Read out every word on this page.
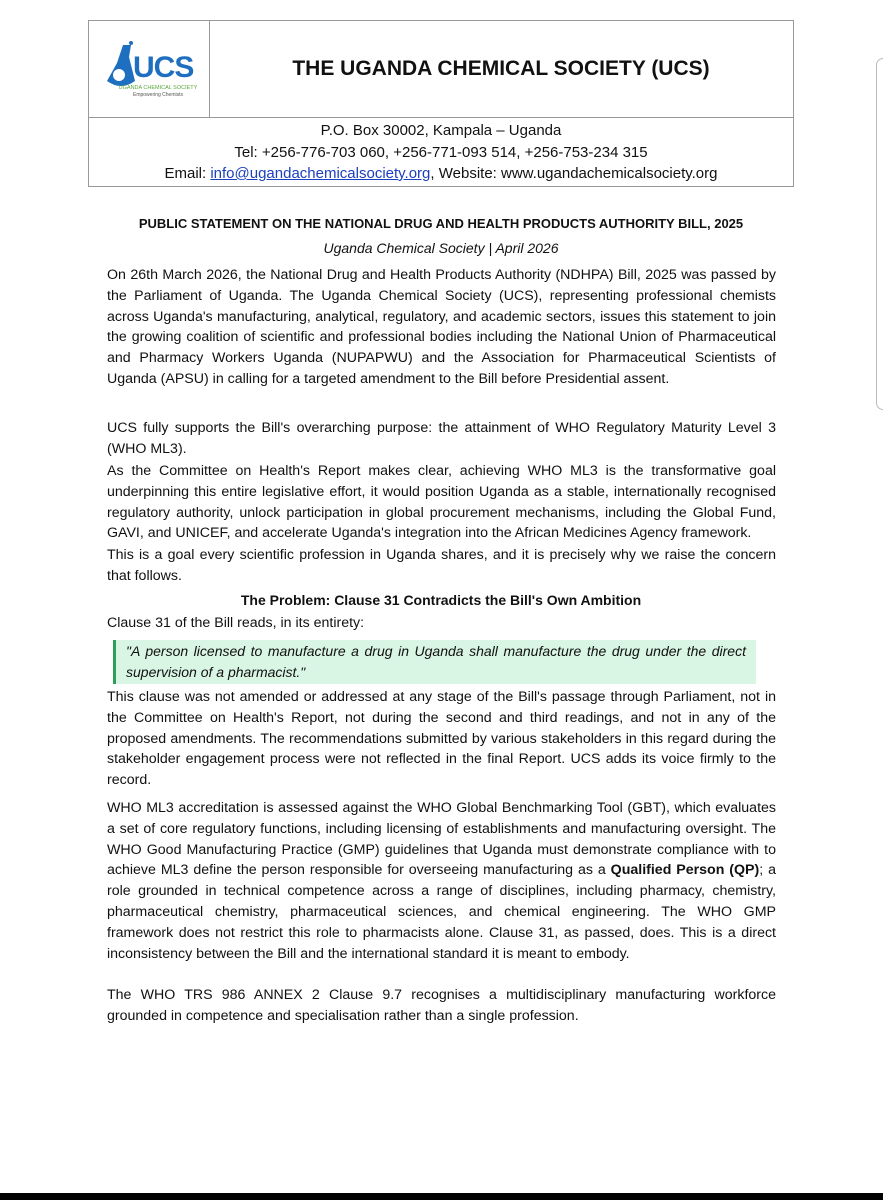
UCS
UGANDA CHEMICAL SOCIETY
Empowering Chemists
THE UGANDA CHEMICAL SOCIETY (UCS)
P.O. Box 30002, Kampala – Uganda
Tel: +256-776-703 060, +256-771-093 514, +256-753-234 315
Email: info@ugandachemicalsociety.org, Website: www.ugandachemicalsociety.org
PUBLIC STATEMENT ON THE NATIONAL DRUG AND HEALTH PRODUCTS AUTHORITY BILL, 2025
Uganda Chemical Society | April 2026

On 26th March 2026, the National Drug and Health Products Authority (NDHPA) Bill, 2025 was passed by the Parliament of Uganda. The Uganda Chemical Society (UCS), representing professional chemists across Uganda's manufacturing, analytical, regulatory, and academic sectors, issues this statement to join the growing coalition of scientific and professional bodies including the National Union of Pharmaceutical and Pharmacy Workers Uganda (NUPAPWU) and the Association for Pharmaceutical Scientists of Uganda (APSU) in calling for a targeted amendment to the Bill before Presidential assent.

UCS fully supports the Bill's overarching purpose: the attainment of WHO Regulatory Maturity Level 3 (WHO ML3).

As the Committee on Health's Report makes clear, achieving WHO ML3 is the transformative goal underpinning this entire legislative effort, it would position Uganda as a stable, internationally recognised regulatory authority, unlock participation in global procurement mechanisms, including the Global Fund, GAVI, and UNICEF, and accelerate Uganda's integration into the African Medicines Agency framework.

This is a goal every scientific profession in Uganda shares, and it is precisely why we raise the concern that follows.

The Problem: Clause 31 Contradicts the Bill's Own Ambition

Clause 31 of the Bill reads, in its entirety:

"A person licensed to manufacture a drug in Uganda shall manufacture the drug under the direct supervision of a pharmacist."

This clause was not amended or addressed at any stage of the Bill's passage through Parliament, not in the Committee on Health's Report, not during the second and third readings, and not in any of the proposed amendments. The recommendations submitted by various stakeholders in this regard during the stakeholder engagement process were not reflected in the final Report. UCS adds its voice firmly to the record.

WHO ML3 accreditation is assessed against the WHO Global Benchmarking Tool (GBT), which evaluates a set of core regulatory functions, including licensing of establishments and manufacturing oversight. The WHO Good Manufacturing Practice (GMP) guidelines that Uganda must demonstrate compliance with to achieve ML3 define the person responsible for overseeing manufacturing as a Qualified Person (QP); a role grounded in technical competence across a range of disciplines, including pharmacy, chemistry, pharmaceutical chemistry, pharmaceutical sciences, and chemical engineering. The WHO GMP framework does not restrict this role to pharmacists alone. Clause 31, as passed, does. This is a direct inconsistency between the Bill and the international standard it is meant to embody.

The WHO TRS 986 ANNEX 2 Clause 9.7 recognises a multidisciplinary manufacturing workforce grounded in competence and specialisation rather than a single profession.
